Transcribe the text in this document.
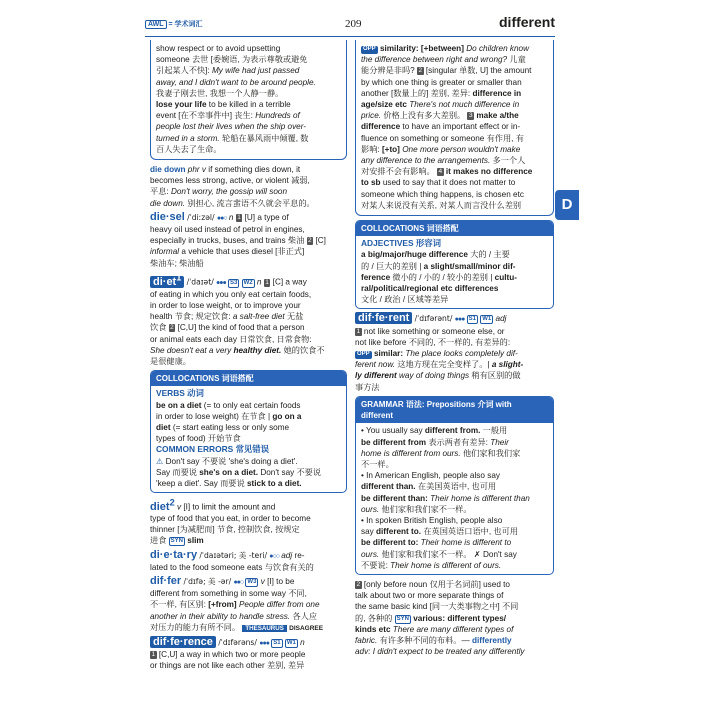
AWL = 学术词汇	209	different
D
show respect or to avoid upsetting
someone 去世 [委婉语, 为表示尊敬或避免
引起某人不快]: My wife had just passed
away, and I didn't want to be around people.
我妻子刚去世, 我想一个人静一静。
lose your life to be killed in a terrible
event [在不幸事件中] 丧生: Hundreds of
people lost their lives when the ship over-
turned in a storm. 轮船在暴风雨中倾覆, 数
百人失去了生命。

die down phr v if something dies down, it
becomes less strong, active, or violent 减弱,
平息: Don't worry, the gossip will soon
die down. 别担心, 流言蜚语不久就会平息的。

die·sel /ˈdiːzəl/ ●●○ n 1 [U] a type of
heavy oil used instead of petrol in engines,
especially in trucks, buses, and trains 柴油 2 [C]
informal a vehicle that uses diesel [非正式]
柴油车; 柴油船

$di\cdot et^1$ /ˈdaɪət/ ●●● S3 W2 n 1 [C] a way
of eating in which you only eat certain foods,
in order to lose weight, or to improve your
health 节食; 规定饮食: a salt-free diet 无盐
饮食 2 [C,U] the kind of food that a person
or animal eats each day 日常饮食, 日常食物:
She doesn't eat a very healthy diet. 她的饮食不
是很健康。

COLLOCATIONS 词语搭配
VERBS 动词
be on a diet (= to only eat certain foods
in order to lose weight) 在节食 | go on a
diet (= start eating less or only some
types of food) 开始节食
COMMON ERRORS 常见错误
⚠ Don't say 不要说 'she's doing a diet'.
Say 而要说 she's on a diet. Don't say 不要说
'keep a diet'. Say 而要说 stick to a diet.

diet$^2$ v [I] to limit the amount and
type of food that you eat, in order to become
thinner [为减肥而] 节食, 控制饮食, 按规定
进食 SYN slim

di·e·ta·ry /ˈdaɪətəri; 美 -teri/ ●○○ adj re-
lated to the food someone eats 与饮食有关的

dif·fer /ˈdɪfə; 美 -ər/ ●●○ W3 v [I] to be
different from something in some way 不同,
不一样, 有区别: [+from] People differ from one
another in their ability to handle stress. 各人应
对压力的能力有所不同。 THESAURUS DISAGREE

dif·fe·rence /ˈdɪfərəns/ ●●● S1 W1 n
1 [C,U] a way in which two or more people
or things are not like each other 差别, 差异

OPP similarity: [+between] Do children know
the difference between right and wrong? 儿童
能分辨是非吗? 2 [singular 单数, U] the amount
by which one thing is greater or smaller than
another [数量上的] 差别, 差异: difference in
age/size etc There's not much difference in
price. 价格上没有多大差别。 3 make a/the
difference to have an important effect or in-
fluence on something or someone 有作用, 有
影响: [+to] One more person wouldn't make
any difference to the arrangements. 多一个人
对安排不会有影响。 4 it makes no difference
to sb used to say that it does not matter to
someone which thing happens, is chosen etc
对某人来说没有关系, 对某人而言没什么差别
COLLOCATIONS 词语搭配
ADJECTIVES 形容词
a big/major/huge difference 大的 / 主要
的 / 巨大的差别 | a slight/small/minor dif-
ference 微小的 / 小的 / 较小的差别 | cultu-
ral/political/regional etc differences
文化 / 政治 / 区域等差异

dif·fe·rent /ˈdɪfərənt/ ●●● S1 W1 adj
1 not like something or someone else, or
not like before 不同的, 不一样的, 有差异的:
OPP similar: The place looks completely dif-
ferent now. 这地方现在完全变样了。| a slight-
ly different way of doing things 稍有区别的做
事方法

GRAMMAR 语法: Prepositions 介词 with
different
• You usually say different from. 一般用
be different from 表示两者有差异: Their
home is different from ours. 他们家和我们家
不一样。
• In American English, people also say
different than. 在美国英语中, 也可用
be different than: Their home is different than
ours. 他们家和我们家不一样。
• In spoken British English, people also
say different to. 在英国英语口语中, 也可用
be different to: Their home is different to
ours. 他们家和我们家不一样。 ✗ Don't say
不要说: Their home is different of ours.

2 [only before noun 仅用于名词前] used to
talk about two or more separate things of
the same basic kind [同一大类事物之中] 不同
的, 各种的 SYN various: different types/
kinds etc There are many different types of
fabric. 有许多种不同的布料。— differently
adv: I didn't expect to be treated any differently
